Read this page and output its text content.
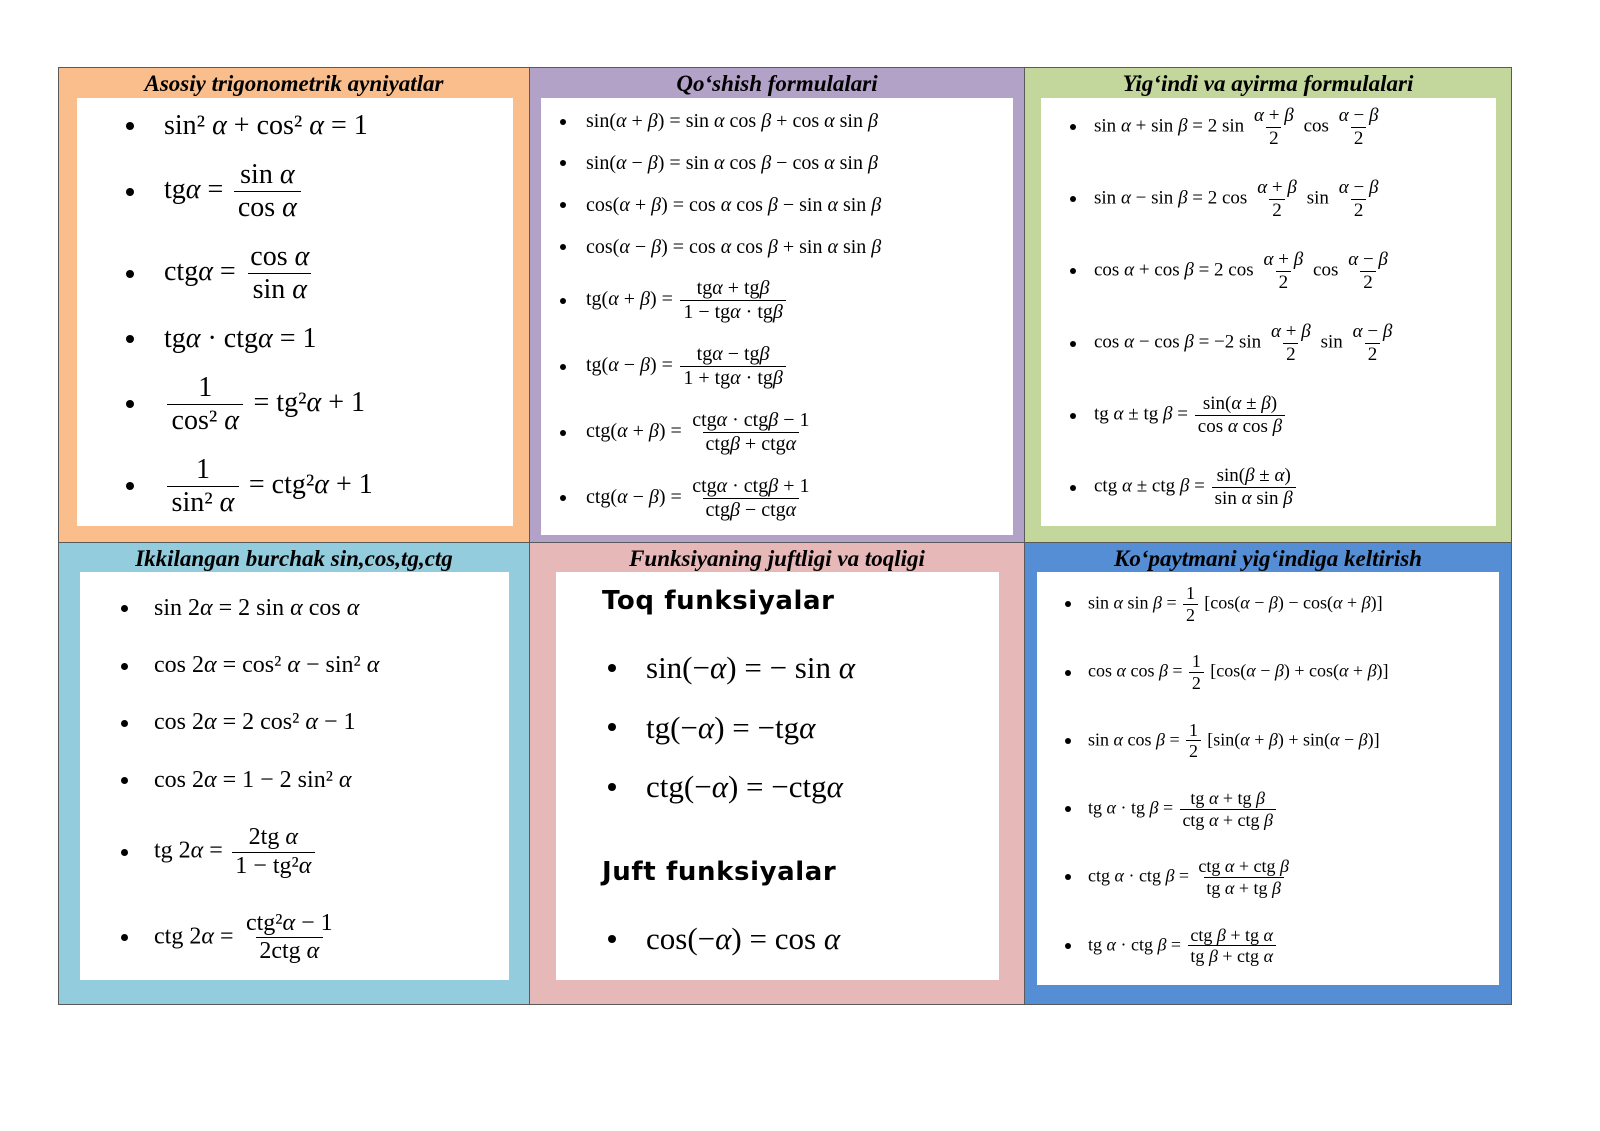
Asosiy trigonometrik ayniyatlar
sin² α + cos² α = 1
$tg\alpha = \frac{\text{sin α}}{\text{cos α}}$
$ctg\alpha = \frac{\text{cos α}}{\text{sin α}}$
tgα · ctgα = 1
$\frac{1}{\text{cos² α}} = tg^2\alpha + 1$
$\frac{1}{\text{sin² α}} = ctg^2\alpha + 1$
Qo‘shish formulalari
sin(α + β) = sin α cos β + cos α sin β
sin(α − β) = sin α cos β − cos α sin β
cos(α + β) = cos α cos β − sin α sin β
cos(α − β) = cos α cos β + sin α sin β
$tg(\alpha + \beta) = \frac{\text{tgα + tgβ}}{\text{1 − tgα · tgβ}}$
$tg(\alpha - \beta) = \frac{\text{tgα − tgβ}}{\text{1 + tgα · tgβ}}$
$ctg(\alpha + \beta) = \frac{\text{ctgα · ctgβ − 1}}{\text{ctgβ + ctgα}}$
$ctg(\alpha - \beta) = \frac{\text{ctgα · ctgβ + 1}}{\text{ctgβ − ctgα}}$
Yig‘indi va ayirma formulalari
sin α + sin β = 2 $\sin \frac{\alpha + \beta}{2}$ $\cos \frac{\alpha - \beta}{2}$
sin α − sin β = 2 $\cos \frac{\alpha + \beta}{2}$ $\sin \frac{\alpha - \beta}{2}$
cos α + cos β = 2 $\cos \frac{\alpha + \beta}{2}$ $\cos \frac{\alpha - \beta}{2}$
cos α − cos β = −2 $\sin \frac{\alpha + \beta}{2}$ $\sin \frac{\alpha - \beta}{2}$
tg α ± tg $\beta = \frac{\sin(\alpha \pm \beta)}{\text{cos α cos β}}$
ctg α ± ctg $\beta = \frac{\sin(\beta \pm \alpha)}{\text{sin α sin β}}$
Ikkilangan burchak sin,cos,tg,ctg
sin 2α = 2 sin α cos α
cos 2α = cos² α − sin² α
cos 2α = 2 cos² α − 1
cos 2α = 1 − 2 sin² α
tg $2\alpha = \frac{\text{2tg α}}{\text{1 − tg²α}}$
ctg $2\alpha = \frac{\text{ctg²α − 1}}{\text{2ctg α}}$
Funksiyaning juftligi va toqligi
Toq funksiyalar
sin(−α) = − sin α
tg(−α) = −tgα
ctg(−α) = −ctgα
Juft funksiyalar
cos(−α) = cos α
Ko‘paytmani yig‘indiga keltirish
sin α $\sin \beta = \frac{1}{2} [\cos(\alpha - \beta) - \cos(\alpha + \beta)]$
cos α $\cos \beta = \frac{1}{2} [\cos(\alpha - \beta) + \cos(\alpha + \beta)]$
sin α $\cos \beta = \frac{1}{2} [\sin(\alpha + \beta) + \sin(\alpha - \beta)]$
tg α · tg $\beta = \frac{\text{tg α + tg β}}{\text{ctg α + ctg β}}$
ctg α · ctg $\beta = \frac{\text{ctg α + ctg β}}{\text{tg α + tg β}}$
tg α · ctg $\beta = \frac{\text{ctg β + tg α}}{\text{tg β + ctg α}}$
